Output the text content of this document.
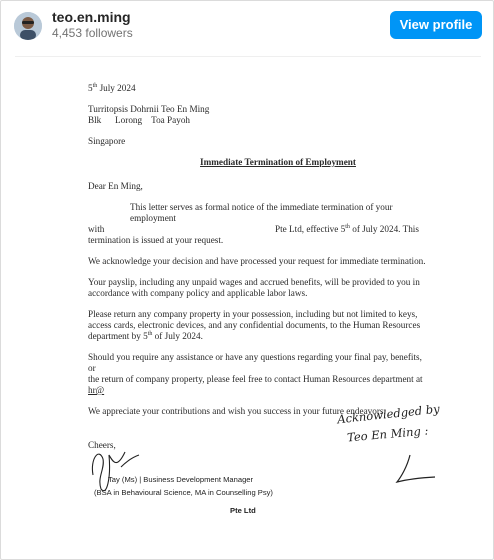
teo.en.ming
4,453 followers
View profile

5th July 2024

Turritopsis Dohrnii Teo En Ming

Blk      Lorong    Toa Payoh

Singapore

Immediate Termination of Employment

Dear En Ming,

This letter serves as formal notice of the immediate termination of your employment

with	Pte Ltd, effective 5th of July 2024. This

termination is issued at your request.

We acknowledge your decision and have processed your request for immediate termination.

Your payslip, including any unpaid wages and accrued benefits, will be provided to you in

accordance with company policy and applicable labor laws.

Please return any company property in your possession, including but not limited to keys,

access cards, electronic devices, and any confidential documents, to the Human Resources

department by 5th of July 2024.

Should you require any assistance or have any questions regarding your final pay, benefits, or

the return of company property, please feel free to contact Human Resources department at

hr@

We appreciate your contributions and wish you success in your future endeavors.

Cheers,

Acknowledged by
Teo En Ming :
Tay (Ms) | Business Development Manager
(BSA in Behavioural Science, MA in Counselling Psy)
Pte Ltd
